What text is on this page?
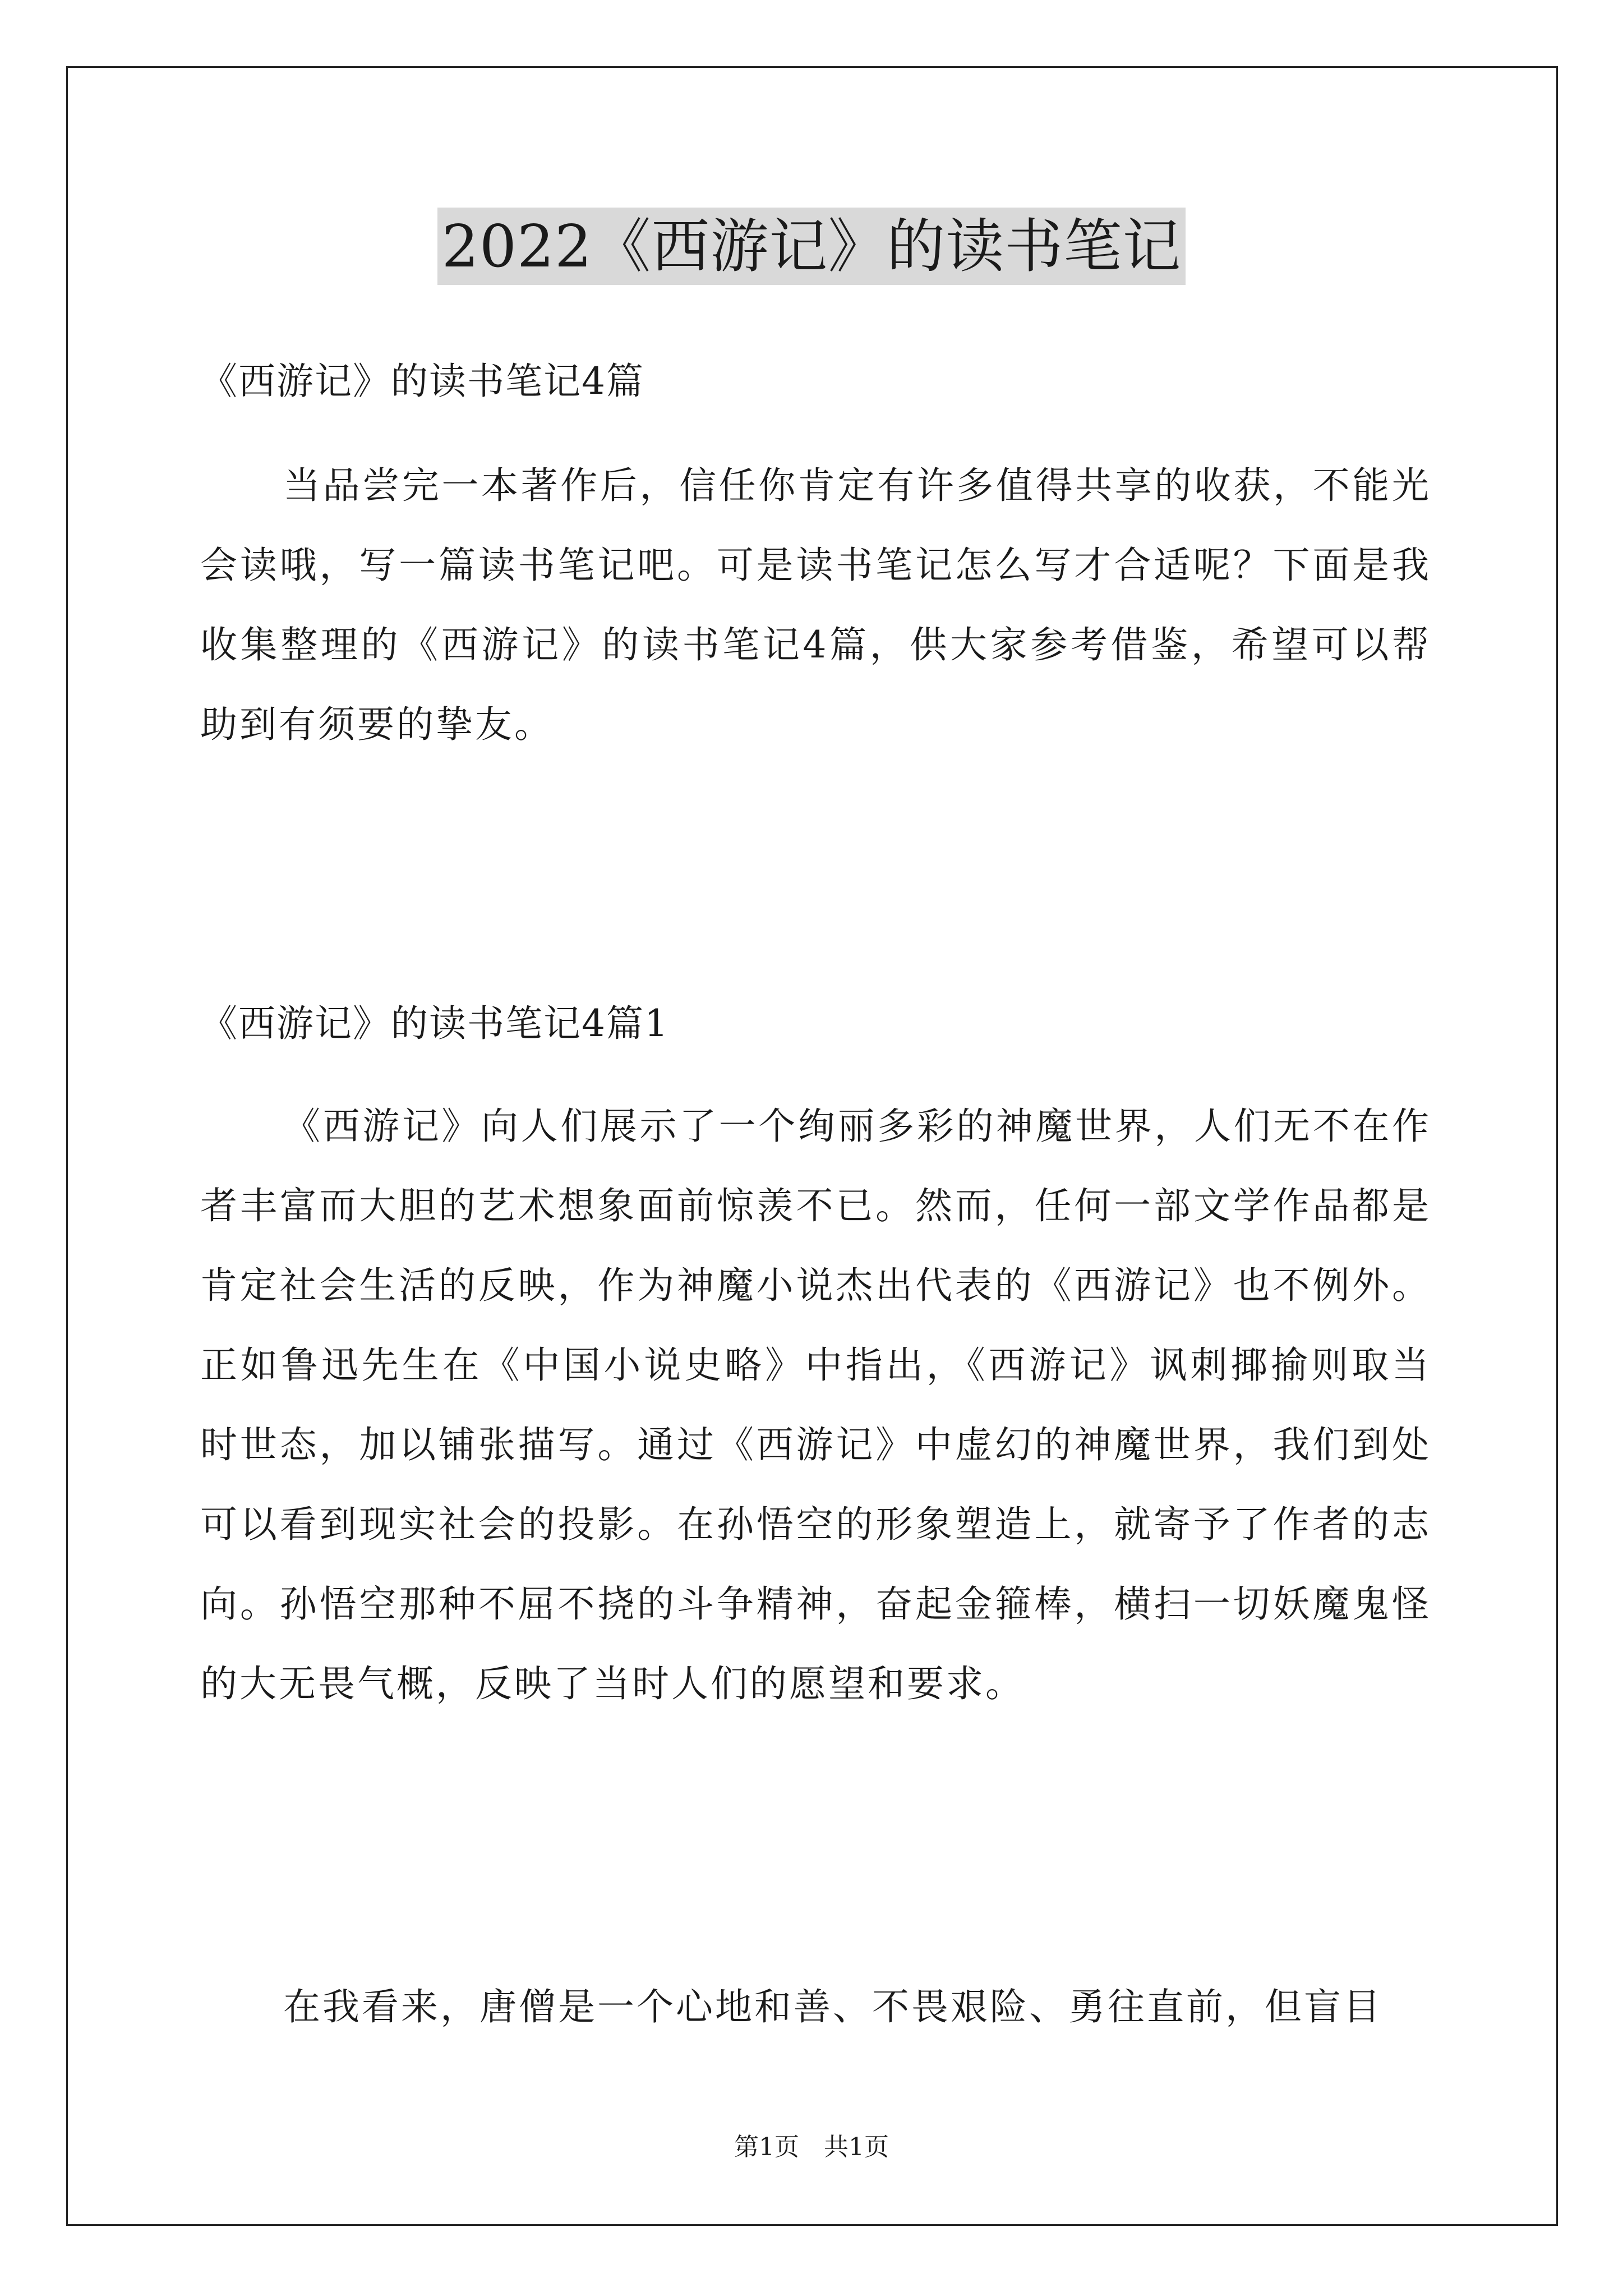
2022《西游记》的读书笔记
《西游记》的读书笔记4篇

当品尝完一本著作后，信任你肯定有许多值得共享的收获，不能光会读哦，写一篇读书笔记吧。可是读书笔记怎么写才合适呢？下面是我收集整理的《西游记》的读书笔记4篇，供大家参考借鉴，希望可以帮助到有须要的挚友。

《西游记》的读书笔记4篇1

《西游记》向人们展示了一个绚丽多彩的神魔世界，人们无不在作者丰富而大胆的艺术想象面前惊羡不已。然而，任何一部文学作品都是肯定社会生活的反映，作为神魔小说杰出代表的《西游记》也不例外。正如鲁迅先生在《中国小说史略》中指出，《西游记》讽刺揶揄则取当时世态，加以铺张描写。通过《西游记》中虚幻的神魔世界，我们到处可以看到现实社会的投影。在孙悟空的形象塑造上，就寄予了作者的志向。孙悟空那种不屈不挠的斗争精神，奋起金箍棒，横扫一切妖魔鬼怪的大无畏气概，反映了当时人们的愿望和要求。

在我看来，唐僧是一个心地和善、不畏艰险、勇往直前，但盲目

第1页　共1页
